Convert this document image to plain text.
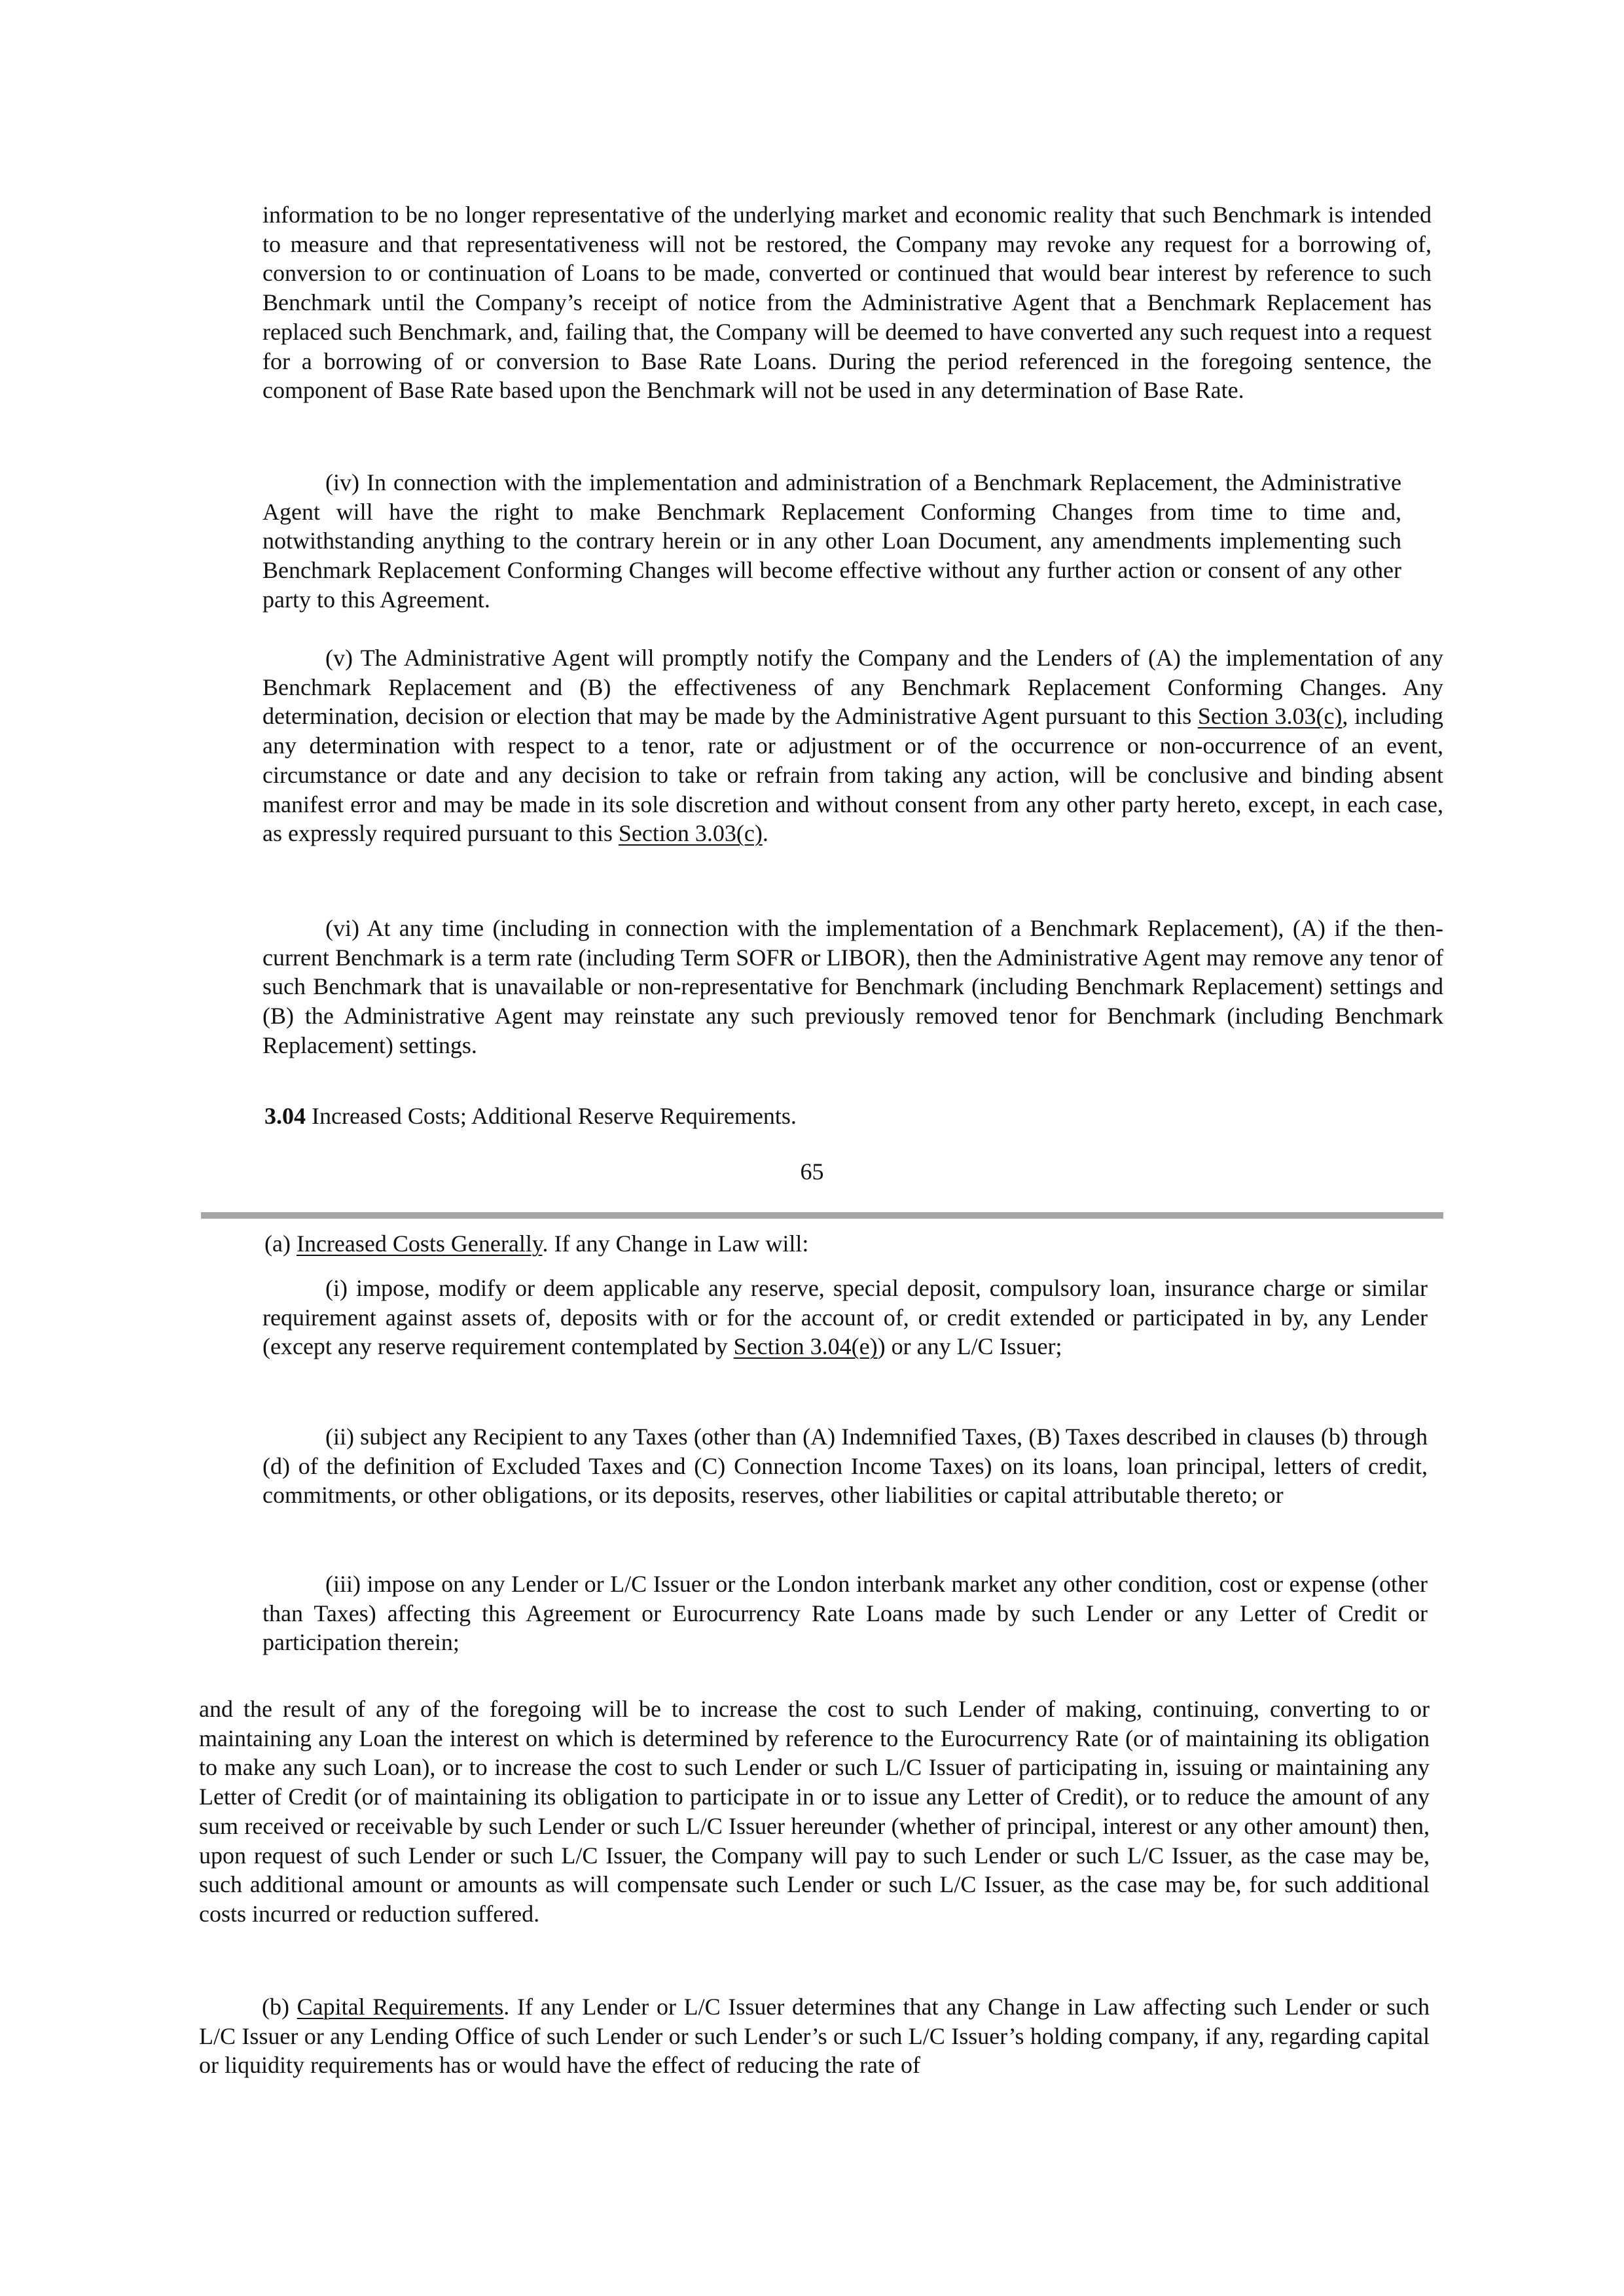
information to be no longer representative of the underlying market and economic reality that such Benchmark is intended to measure and that representativeness will not be restored, the Company may revoke any request for a borrowing of, conversion to or continuation of Loans to be made, converted or continued that would bear interest by reference to such Benchmark until the Company’s receipt of notice from the Administrative Agent that a Benchmark Replacement has replaced such Benchmark, and, failing that, the Company will be deemed to have converted any such request into a request for a borrowing of or conversion to Base Rate Loans. During the period referenced in the foregoing sentence, the component of Base Rate based upon the Benchmark will not be used in any determination of Base Rate.

(iv) In connection with the implementation and administration of a Benchmark Replacement, the Administrative Agent will have the right to make Benchmark Replacement Conforming Changes from time to time and, notwithstanding anything to the contrary herein or in any other Loan Document, any amendments implementing such Benchmark Replacement Conforming Changes will become effective without any further action or consent of any other party to this Agreement.

(v) The Administrative Agent will promptly notify the Company and the Lenders of (A) the implementation of any Benchmark Replacement and (B) the effectiveness of any Benchmark Replacement Conforming Changes. Any determination, decision or election that may be made by the Administrative Agent pursuant to this Section 3.03(c), including any determination with respect to a tenor, rate or adjustment or of the occurrence or non-occurrence of an event, circumstance or date and any decision to take or refrain from taking any action, will be conclusive and binding absent manifest error and may be made in its sole discretion and without consent from any other party hereto, except, in each case, as expressly required pursuant to this Section 3.03(c).

(vi) At any time (including in connection with the implementation of a Benchmark Replacement), (A) if the then-current Benchmark is a term rate (including Term SOFR or LIBOR), then the Administrative Agent may remove any tenor of such Benchmark that is unavailable or non-representative for Benchmark (including Benchmark Replacement) settings and (B) the Administrative Agent may reinstate any such previously removed tenor for Benchmark (including Benchmark Replacement) settings.

3.04 Increased Costs; Additional Reserve Requirements.

65

(a) Increased Costs Generally. If any Change in Law will:

(i) impose, modify or deem applicable any reserve, special deposit, compulsory loan, insurance charge or similar requirement against assets of, deposits with or for the account of, or credit extended or participated in by, any Lender (except any reserve requirement contemplated by Section 3.04(e)) or any L/C Issuer;

(ii) subject any Recipient to any Taxes (other than (A) Indemnified Taxes, (B) Taxes described in clauses (b) through (d) of the definition of Excluded Taxes and (C) Connection Income Taxes) on its loans, loan principal, letters of credit, commitments, or other obligations, or its deposits, reserves, other liabilities or capital attributable thereto; or

(iii) impose on any Lender or L/C Issuer or the London interbank market any other condition, cost or expense (other than Taxes) affecting this Agreement or Eurocurrency Rate Loans made by such Lender or any Letter of Credit or participation therein;

and the result of any of the foregoing will be to increase the cost to such Lender of making, continuing, converting to or maintaining any Loan the interest on which is determined by reference to the Eurocurrency Rate (or of maintaining its obligation to make any such Loan), or to increase the cost to such Lender or such L/C Issuer of participating in, issuing or maintaining any Letter of Credit (or of maintaining its obligation to participate in or to issue any Letter of Credit), or to reduce the amount of any sum received or receivable by such Lender or such L/C Issuer hereunder (whether of principal, interest or any other amount) then, upon request of such Lender or such L/C Issuer, the Company will pay to such Lender or such L/C Issuer, as the case may be, such additional amount or amounts as will compensate such Lender or such L/C Issuer, as the case may be, for such additional costs incurred or reduction suffered.

(b) Capital Requirements. If any Lender or L/C Issuer determines that any Change in Law affecting such Lender or such L/C Issuer or any Lending Office of such Lender or such Lender’s or such L/C Issuer’s holding company, if any, regarding capital or liquidity requirements has or would have the effect of reducing the rate of
